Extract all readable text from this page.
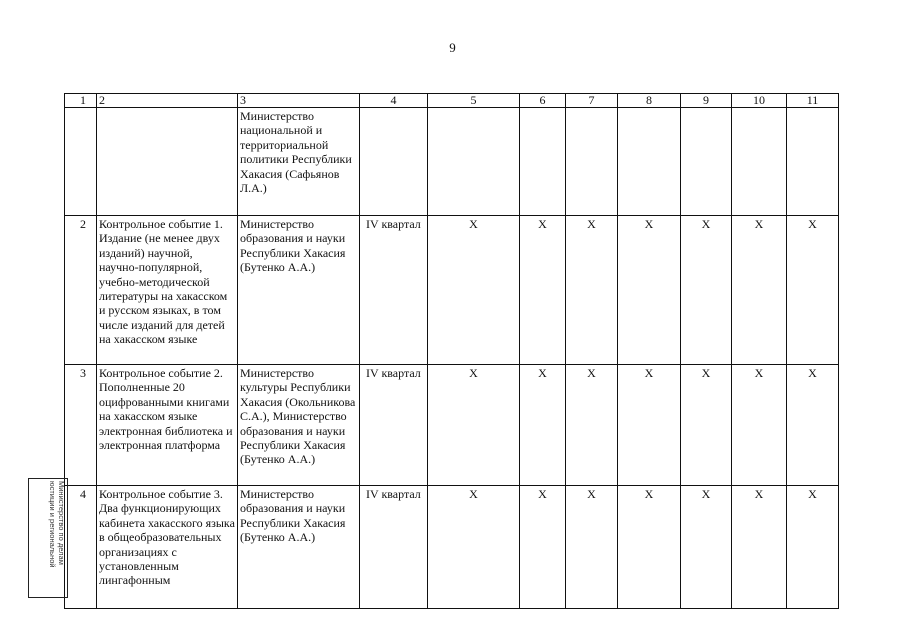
9
1	2	3	4	5	6	7	8	9	10	11
		Министерство национальной и территориальной политики Республики Хакасия (Сафьянов Л.А.)								
2	Контрольное событие 1. Издание (не менее двух изданий) научной, научно-популярной, учебно-методической литературы на хакасском и русском языках, в том числе изданий для детей на хакасском языке	Министерство образования и науки Республики Хакасия (Бутенко А.А.)	IV квартал	X	X	X	X	X	X	X
3	Контрольное событие 2. Пополненные 20 оцифрованными книгами на хакасском языке электронная библиотека и электронная платформа	Министерство культуры Республики Хакасия (Окольникова С.А.), Министерство образования и науки Республики Хакасия (Бутенко А.А.)	IV квартал	X	X	X	X	X	X	X
4	Контрольное событие 3. Два функционирующих кабинета хакасского языка в общеобразовательных организациях с установленным лингафонным	Министерство образования и науки Республики Хакасия (Бутенко А.А.)	IV квартал	X	X	X	X	X	X	X
Министерство по делам
юстиции и региональной
